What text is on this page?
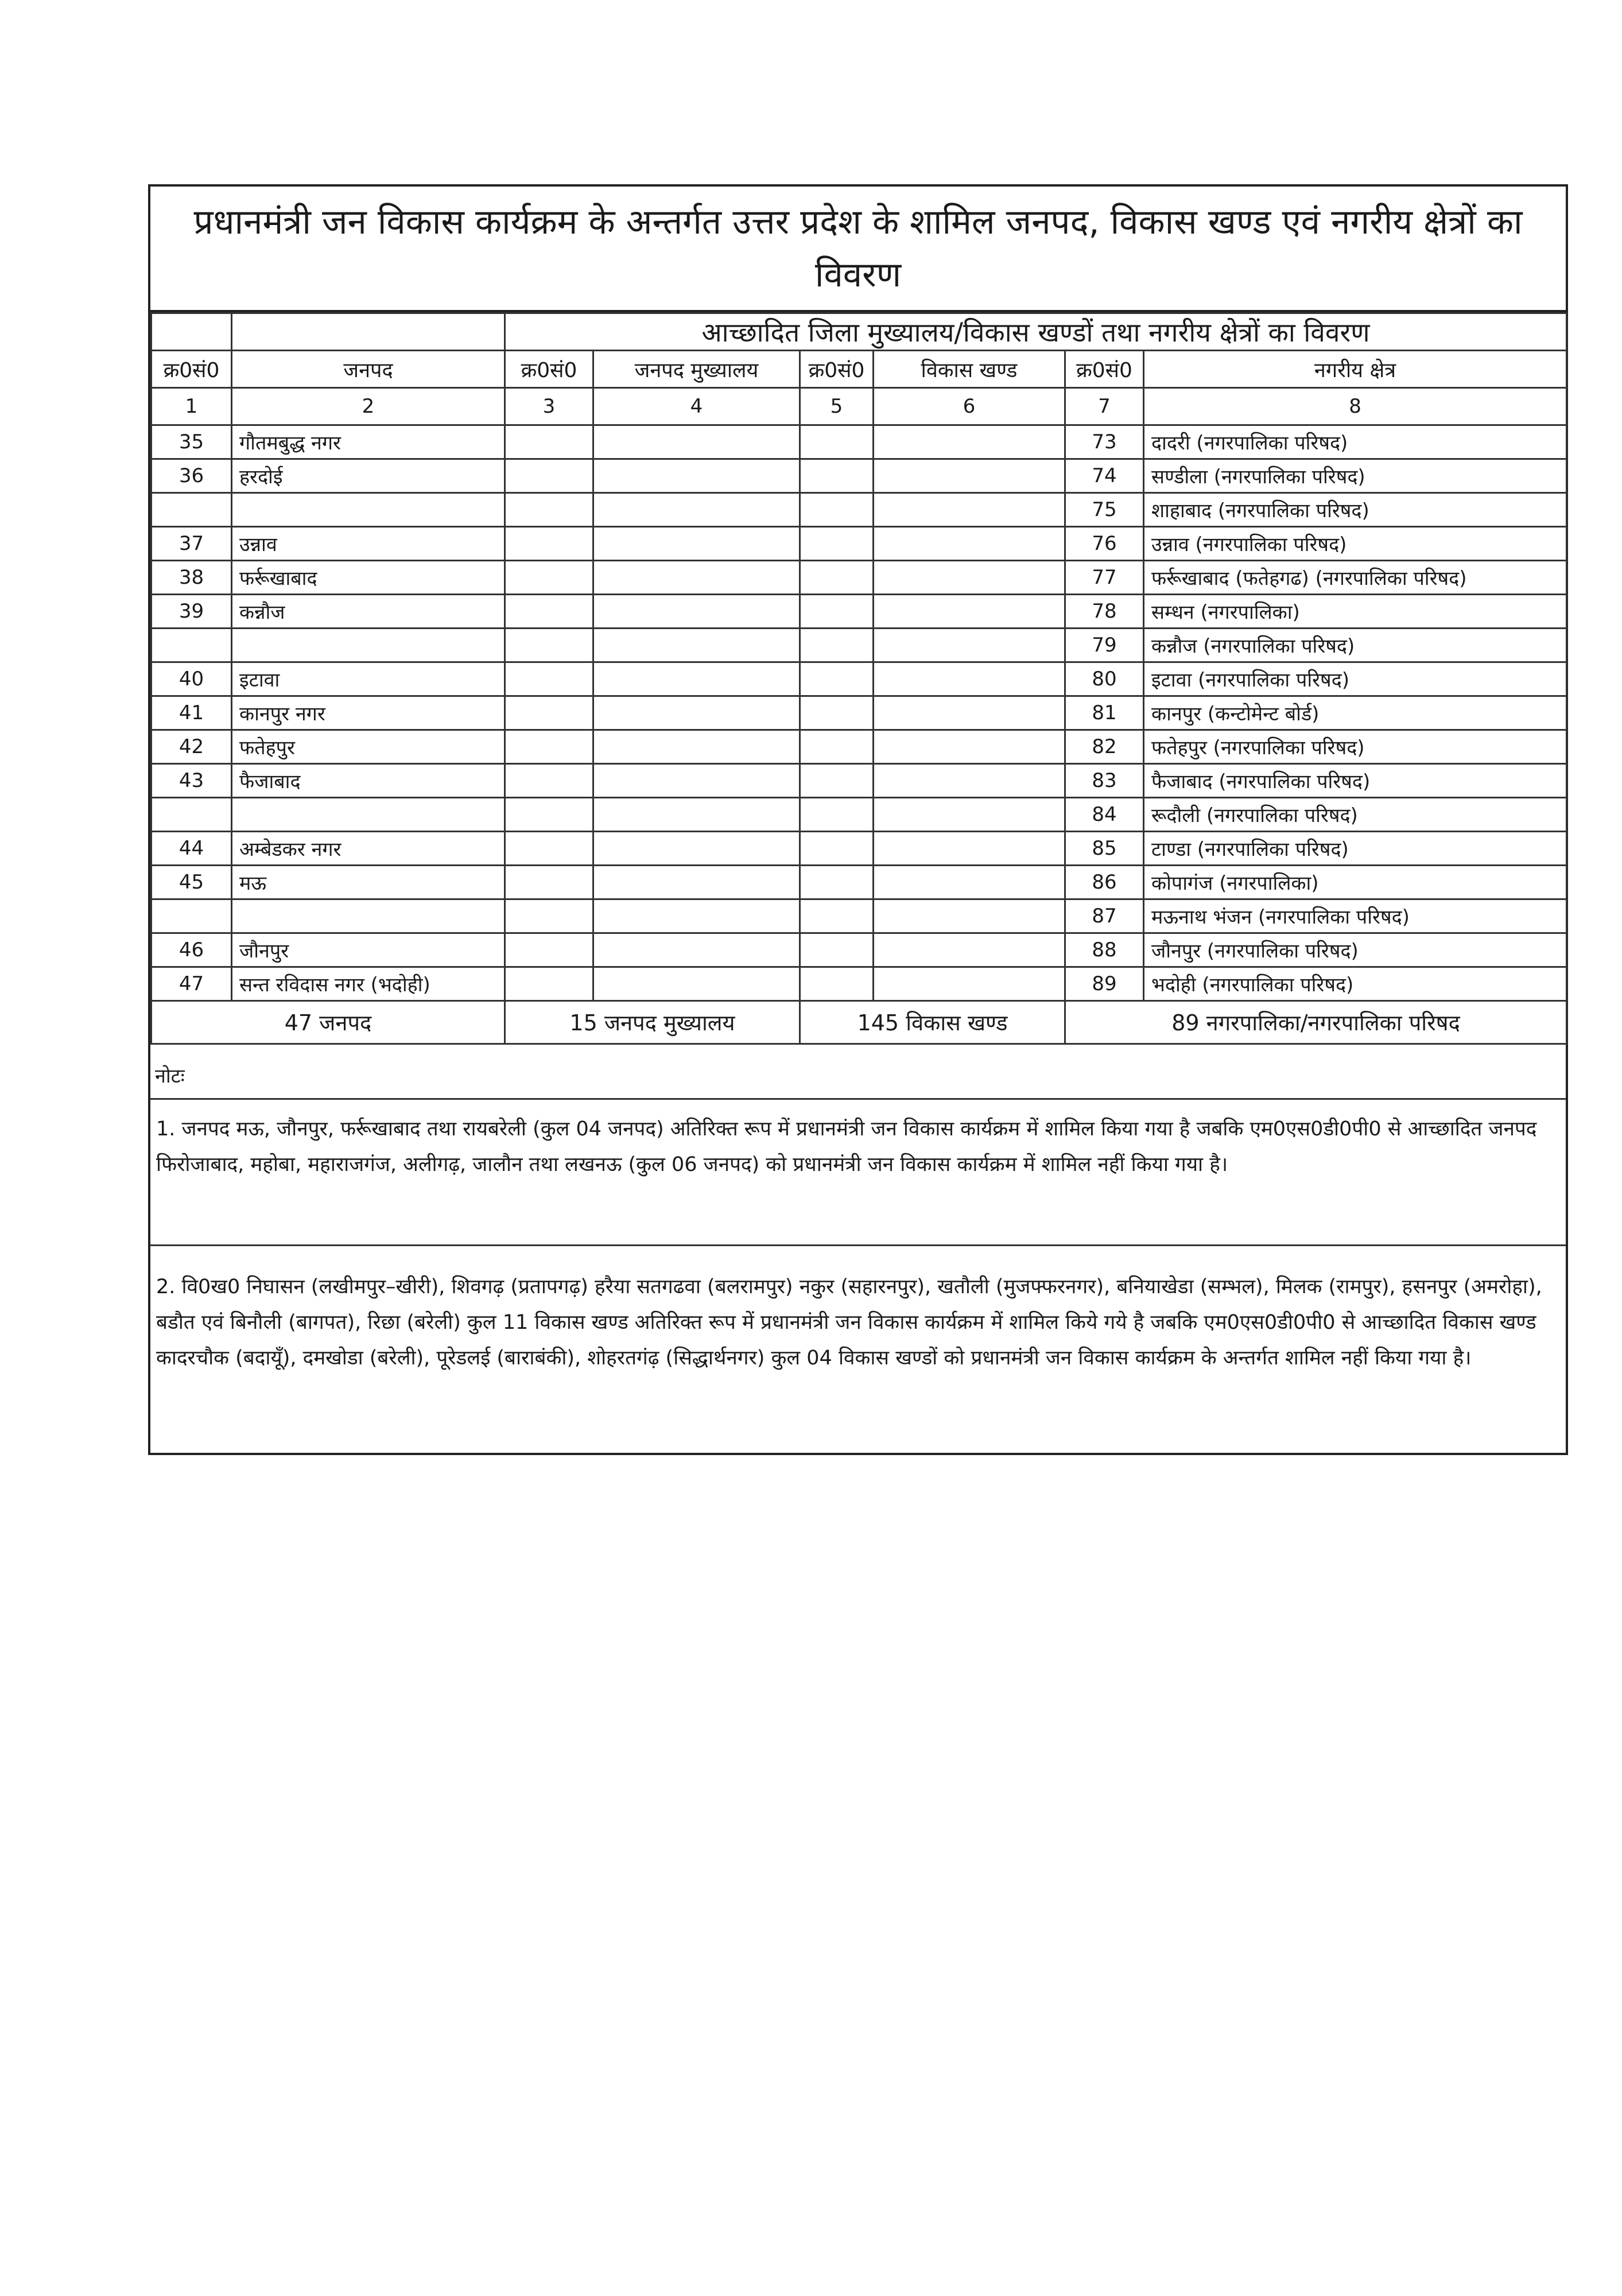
प्रधानमंत्री जन विकास कार्यक्रम के अन्तर्गत उत्तर प्रदेश के शामिल जनपद, विकास खण्ड एवं नगरीय क्षेत्रों का विवरण
		आच्छादित जिला मुख्यालय/विकास खण्डों तथा नगरीय क्षेत्रों का विवरण					
क्र0सं0	जनपद	क्र0सं0	जनपद मुख्यालय	क्र0सं0	विकास खण्ड	क्र0सं0	नगरीय क्षेत्र
1	2	3	4	5	6	7	8
35	गौतमबुद्ध नगर					73	दादरी (नगरपालिका परिषद)
36	हरदोई					74	सण्डीला (नगरपालिका परिषद)
						75	शाहाबाद (नगरपालिका परिषद)
37	उन्नाव					76	उन्नाव (नगरपालिका परिषद)
38	फर्रूखाबाद					77	फर्रूखाबाद (फतेहगढ) (नगरपालिका परिषद)
39	कन्नौज					78	सम्धन (नगरपालिका)
						79	कन्नौज (नगरपालिका परिषद)
40	इटावा					80	इटावा (नगरपालिका परिषद)
41	कानपुर नगर					81	कानपुर (कन्टोमेन्ट बोर्ड)
42	फतेहपुर					82	फतेहपुर (नगरपालिका परिषद)
43	फैजाबाद					83	फैजाबाद (नगरपालिका परिषद)
						84	रूदौली (नगरपालिका परिषद)
44	अम्बेडकर नगर					85	टाण्डा (नगरपालिका परिषद)
45	मऊ					86	कोपागंज (नगरपालिका)
						87	मऊनाथ भंजन (नगरपालिका परिषद)
46	जौनपुर					88	जौनपुर (नगरपालिका परिषद)
47	सन्त रविदास नगर (भदोही)					89	भदोही (नगरपालिका परिषद)
47 जनपद		15 जनपद मुख्यालय		145 विकास खण्ड		89 नगरपालिका/नगरपालिका परिषद	
नोटः
1. जनपद मऊ, जौनपुर, फर्रूखाबाद तथा रायबरेली (कुल 04 जनपद) अतिरिक्त रूप में प्रधानमंत्री जन विकास कार्यक्रम में शामिल किया गया है जबकि एम0एस0डी0पी0 से आच्छादित जनपद फिरोजाबाद, महोबा, महाराजगंज, अलीगढ़, जालौन तथा लखनऊ (कुल 06 जनपद) को प्रधानमंत्री जन विकास कार्यक्रम में शामिल नहीं किया गया है।
2. वि0ख0 निघासन (लखीमपुर–खीरी), शिवगढ़ (प्रतापगढ़) हरैया सतगढवा (बलरामपुर) नकुर (सहारनपुर), खतौली (मुजफ्फरनगर), बनियाखेडा (सम्भल), मिलक (रामपुर), हसनपुर (अमरोहा), बडौत एवं बिनौली (बागपत), रिछा (बरेली) कुल 11 विकास खण्ड अतिरिक्त रूप में प्रधानमंत्री जन विकास कार्यक्रम में शामिल किये गये है जबकि एम0एस0डी0पी0 से आच्छादित विकास खण्ड कादरचौक (बदायूँ), दमखोडा (बरेली), पूरेडलई (बाराबंकी), शोहरतगंढ़ (सिद्धार्थनगर) कुल 04 विकास खण्डों को प्रधानमंत्री जन विकास कार्यक्रम के अन्तर्गत शामिल नहीं किया गया है।
